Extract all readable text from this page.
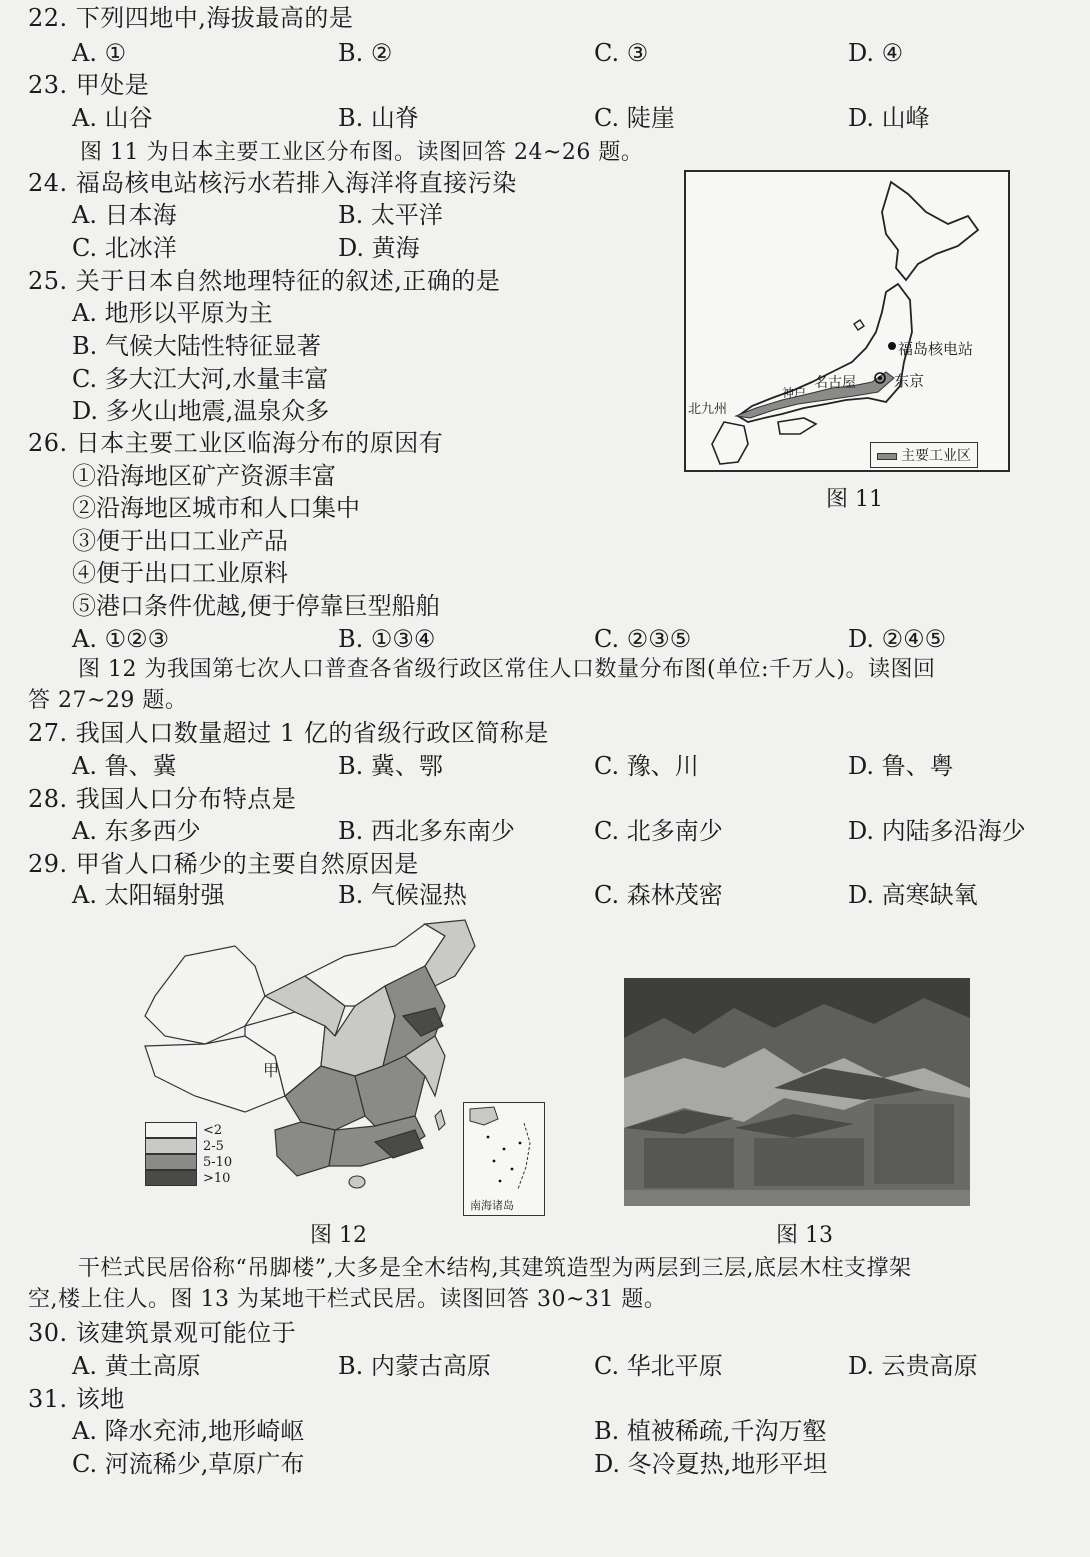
22. 下列四地中,海拔最高的是
A. ①	B. ②	C. ③	D. ④
23. 甲处是
A. 山谷	B. 山脊	C. 陡崖	D. 山峰
图 11 为日本主要工业区分布图。读图回答 24~26 题。
24. 福岛核电站核污水若排入海洋将直接污染
A. 日本海	B. 太平洋
C. 北冰洋	D. 黄海
25. 关于日本自然地理特征的叙述,正确的是
A. 地形以平原为主
B. 气候大陆性特征显著
C. 多大江大河,水量丰富
D. 多火山地震,温泉众多
26. 日本主要工业区临海分布的原因有
①沿海地区矿产资源丰富
②沿海地区城市和人口集中
③便于出口工业产品
④便于出口工业原料
⑤港口条件优越,便于停靠巨型船舶
A. ①②③	B. ①③④	C. ②③⑤	D. ②④⑤
福岛核电站
东京
名古屋
神户
北九州
主要工业区
图 11
图 12 为我国第七次人口普查各省级行政区常住人口数量分布图(单位:千万人)。读图回
答 27~29 题。
27. 我国人口数量超过 1 亿的省级行政区简称是
A. 鲁、冀	B. 冀、鄂	C. 豫、川	D. 鲁、粤
28. 我国人口分布特点是
A. 东多西少	B. 西北多东南少	C. 北多南少	D. 内陆多沿海少
29. 甲省人口稀少的主要自然原因是
A. 太阳辐射强	B. 气候湿热	C. 森林茂密	D. 高寒缺氧
甲
<2
2-5
5-10
>10
南海诸岛
图 12	图 13
干栏式民居俗称“吊脚楼”,大多是全木结构,其建筑造型为两层到三层,底层木柱支撑架
空,楼上住人。图 13 为某地干栏式民居。读图回答 30~31 题。
30. 该建筑景观可能位于
A. 黄土高原	B. 内蒙古高原	C. 华北平原	D. 云贵高原
31. 该地
A. 降水充沛,地形崎岖	B. 植被稀疏,千沟万壑
C. 河流稀少,草原广布	D. 冬冷夏热,地形平坦
